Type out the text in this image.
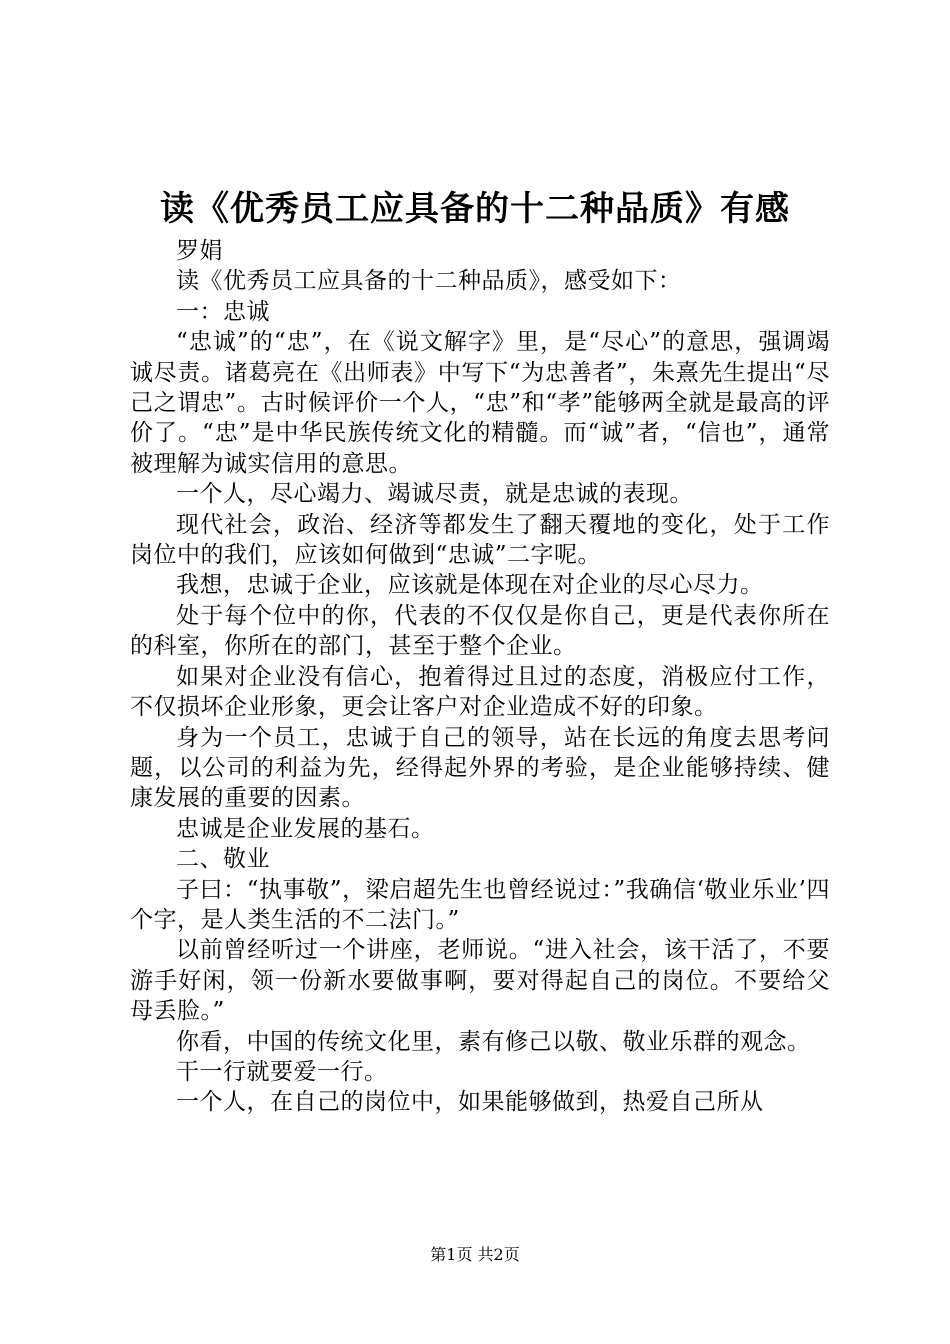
读《优秀员工应具备的十二种品质》有感

罗娟

读《优秀员工应具备的十二种品质》，感受如下：

一：忠诚

“忠诚”的“忠”，在《说文解字》里，是“尽心”的意思，强调竭诚尽责。诸葛亮在《出师表》中写下“为忠善者”，朱熹先生提出“尽己之谓忠”。古时候评价一个人，“忠”和“孝”能够两全就是最高的评价了。“忠”是中华民族传统文化的精髓。而“诚”者，“信也”，通常被理解为诚实信用的意思。

一个人，尽心竭力、竭诚尽责，就是忠诚的表现。

现代社会，政治、经济等都发生了翻天覆地的变化，处于工作岗位中的我们，应该如何做到“忠诚”二字呢。

我想，忠诚于企业，应该就是体现在对企业的尽心尽力。

处于每个位中的你，代表的不仅仅是你自己，更是代表你所在的科室，你所在的部门，甚至于整个企业。

如果对企业没有信心，抱着得过且过的态度，消极应付工作，不仅损坏企业形象，更会让客户对企业造成不好的印象。

身为一个员工，忠诚于自己的领导，站在长远的角度去思考问题，以公司的利益为先，经得起外界的考验，是企业能够持续、健康发展的重要的因素。

忠诚是企业发展的基石。

二、敬业

子曰：“执事敬”，梁启超先生也曾经说过：”我确信‘敬业乐业’四个字，是人类生活的不二法门。”

以前曾经听过一个讲座，老师说。“进入社会，该干活了，不要游手好闲，领一份新水要做事啊，要对得起自己的岗位。不要给父母丢脸。”

你看，中国的传统文化里，素有修己以敬、敬业乐群的观念。

干一行就要爱一行。

一个人，在自己的岗位中，如果能够做到，热爱自己所从

第1页 共2页
